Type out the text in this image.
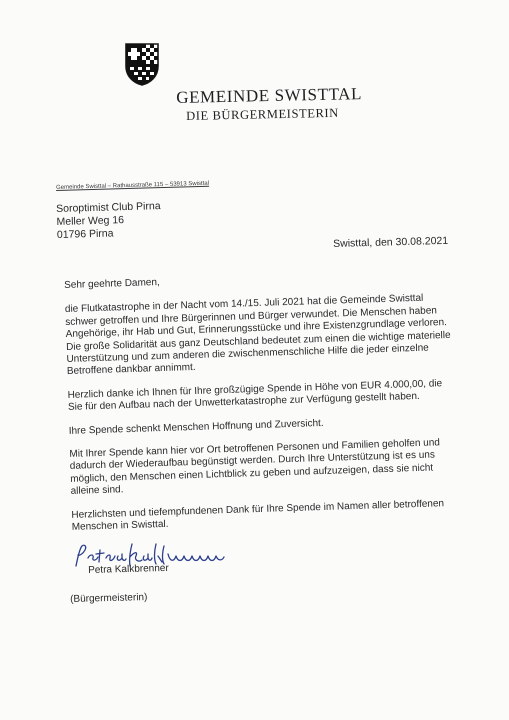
GEMEINDE SWISTTAL
DIE BÜRGERMEISTERIN
Gemeinde Swisttal – Rathausstraße 115 – 53913 Swisttal
Soroptimist Club Pirna
Meller Weg 16
01796 Pirna
Swisttal, den 30.08.2021

Sehr geehrte Damen,

die Flutkatastrophe in der Nacht vom 14./15. Juli 2021 hat die Gemeinde Swisttal schwer getroffen und Ihre Bürgerinnen und Bürger verwundet. Die Menschen haben Angehörige, ihr Hab und Gut, Erinnerungsstücke und ihre Existenzgrundlage verloren. Die große Solidarität aus ganz Deutschland bedeutet zum einen die wichtige materielle Unterstützung und zum anderen die zwischenmenschliche Hilfe die jeder einzelne Betroffene dankbar annimmt.

Herzlich danke ich Ihnen für Ihre großzügige Spende in Höhe von EUR 4.000,00, die Sie für den Aufbau nach der Unwetterkatastrophe zur Verfügung gestellt haben.

Ihre Spende schenkt Menschen Hoffnung und Zuversicht.

Mit Ihrer Spende kann hier vor Ort betroffenen Personen und Familien geholfen und dadurch der Wiederaufbau begünstigt werden. Durch Ihre Unterstützung ist es uns möglich, den Menschen einen Lichtblick zu geben und aufzuzeigen, dass sie nicht alleine sind.

Herzlichsten und tiefempfundenen Dank für Ihre Spende im Namen aller betroffenen Menschen in Swisttal.

Petra Kalkbrenner
(Bürgermeisterin)
